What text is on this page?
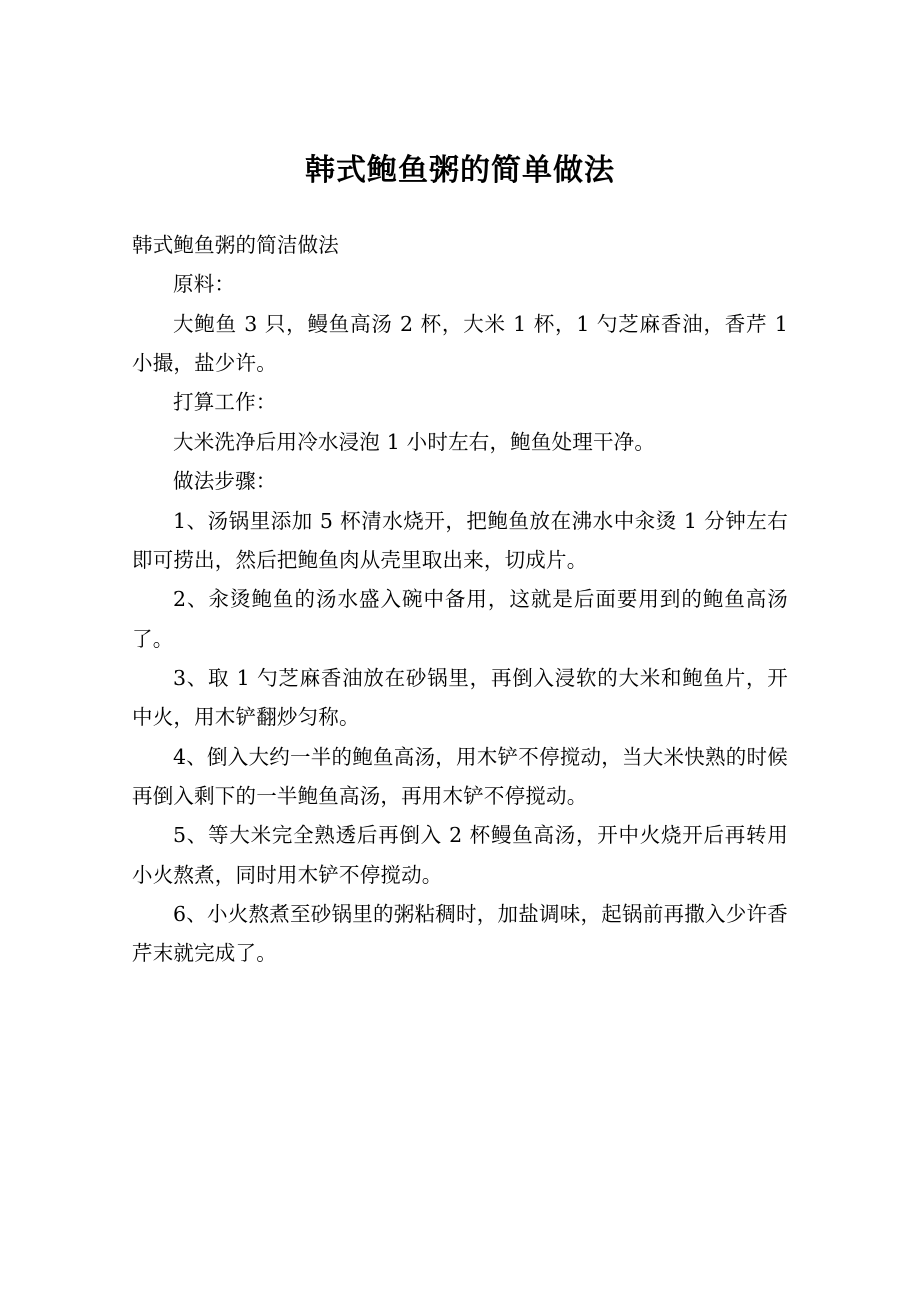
韩式鲍鱼粥的简单做法

韩式鲍鱼粥的简洁做法

原料：

大鲍鱼 3 只，鳗鱼高汤 2 杯，大米 1 杯，1 勺芝麻香油，香芹 1 小撮，盐少许。

打算工作：

大米洗净后用冷水浸泡 1 小时左右，鲍鱼处理干净。

做法步骤：

1、汤锅里添加 5 杯清水烧开，把鲍鱼放在沸水中汆烫 1 分钟左右即可捞出，然后把鲍鱼肉从壳里取出来，切成片。

2、汆烫鲍鱼的汤水盛入碗中备用，这就是后面要用到的鲍鱼高汤了。

3、取 1 勺芝麻香油放在砂锅里，再倒入浸软的大米和鲍鱼片，开中火，用木铲翻炒匀称。

4、倒入大约一半的鲍鱼高汤，用木铲不停搅动，当大米快熟的时候再倒入剩下的一半鲍鱼高汤，再用木铲不停搅动。

5、等大米完全熟透后再倒入 2 杯鳗鱼高汤，开中火烧开后再转用小火熬煮，同时用木铲不停搅动。

6、小火熬煮至砂锅里的粥粘稠时，加盐调味，起锅前再撒入少许香芹末就完成了。
